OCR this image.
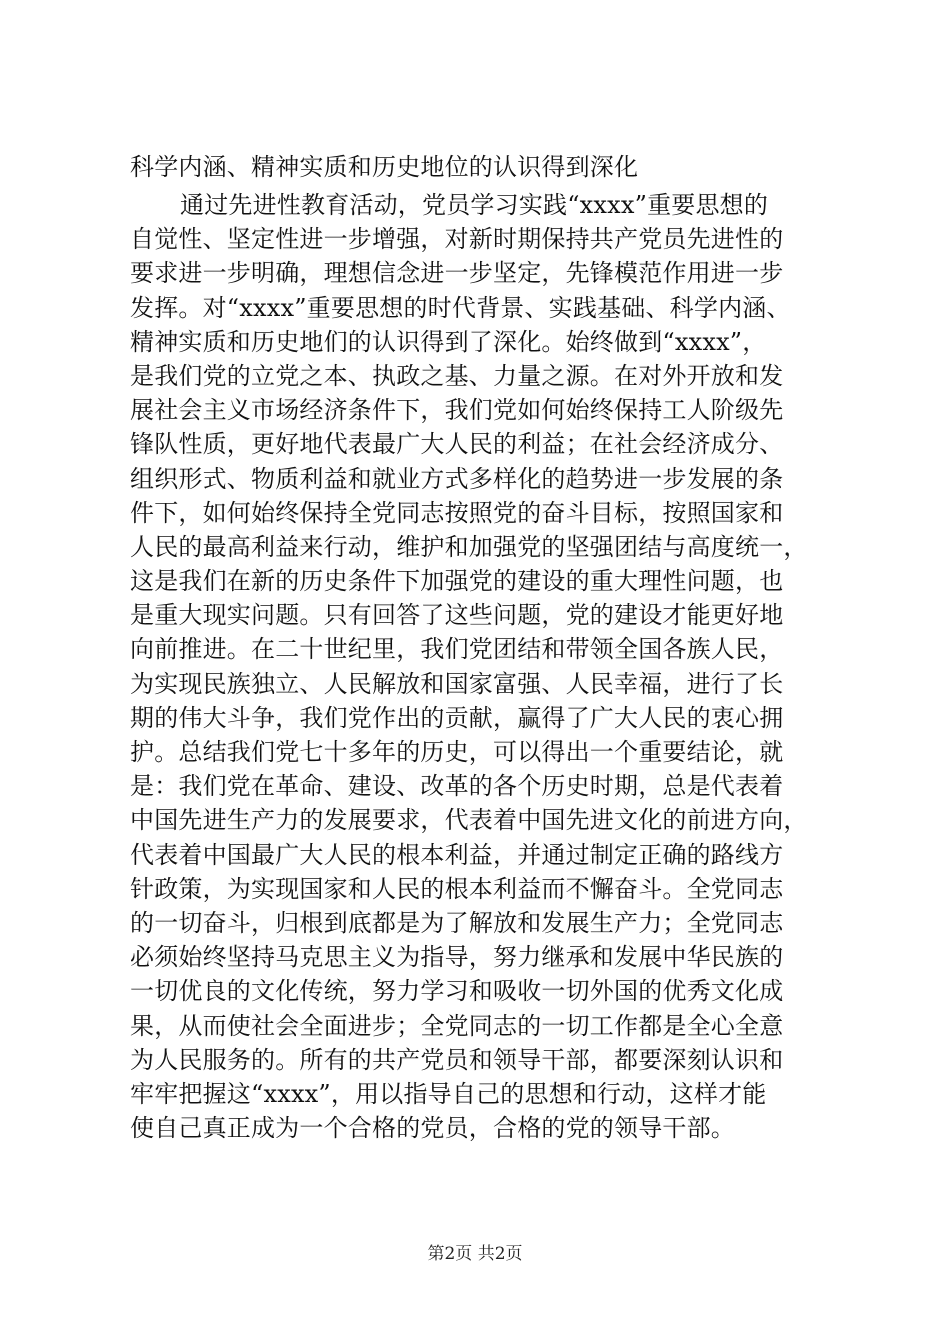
科学内涵、精神实质和历史地位的认识得到深化
通过先进性教育活动，党员学习实践“xxxx”重要思想的
自觉性、坚定性进一步增强，对新时期保持共产党员先进性的
要求进一步明确，理想信念进一步坚定，先锋模范作用进一步
发挥。对“xxxx”重要思想的时代背景、实践基础、科学内涵、
精神实质和历史地们的认识得到了深化。始终做到“xxxx”，
是我们党的立党之本、执政之基、力量之源。在对外开放和发
展社会主义市场经济条件下，我们党如何始终保持工人阶级先
锋队性质，更好地代表最广大人民的利益；在社会经济成分、
组织形式、物质利益和就业方式多样化的趋势进一步发展的条
件下，如何始终保持全党同志按照党的奋斗目标，按照国家和
人民的最高利益来行动，维护和加强党的坚强团结与高度统一，
这是我们在新的历史条件下加强党的建设的重大理性问题，也
是重大现实问题。只有回答了这些问题，党的建设才能更好地
向前推进。在二十世纪里，我们党团结和带领全国各族人民，
为实现民族独立、人民解放和国家富强、人民幸福，进行了长
期的伟大斗争，我们党作出的贡献，赢得了广大人民的衷心拥
护。总结我们党七十多年的历史，可以得出一个重要结论，就
是：我们党在革命、建设、改革的各个历史时期，总是代表着
中国先进生产力的发展要求，代表着中国先进文化的前进方向，
代表着中国最广大人民的根本利益，并通过制定正确的路线方
针政策，为实现国家和人民的根本利益而不懈奋斗。全党同志
的一切奋斗，归根到底都是为了解放和发展生产力；全党同志
必须始终坚持马克思主义为指导，努力继承和发展中华民族的
一切优良的文化传统，努力学习和吸收一切外国的优秀文化成
果，从而使社会全面进步；全党同志的一切工作都是全心全意
为人民服务的。所有的共产党员和领导干部，都要深刻认识和
牢牢把握这“xxxx”，用以指导自己的思想和行动，这样才能
使自己真正成为一个合格的党员，合格的党的领导干部。
第2页 共2页
